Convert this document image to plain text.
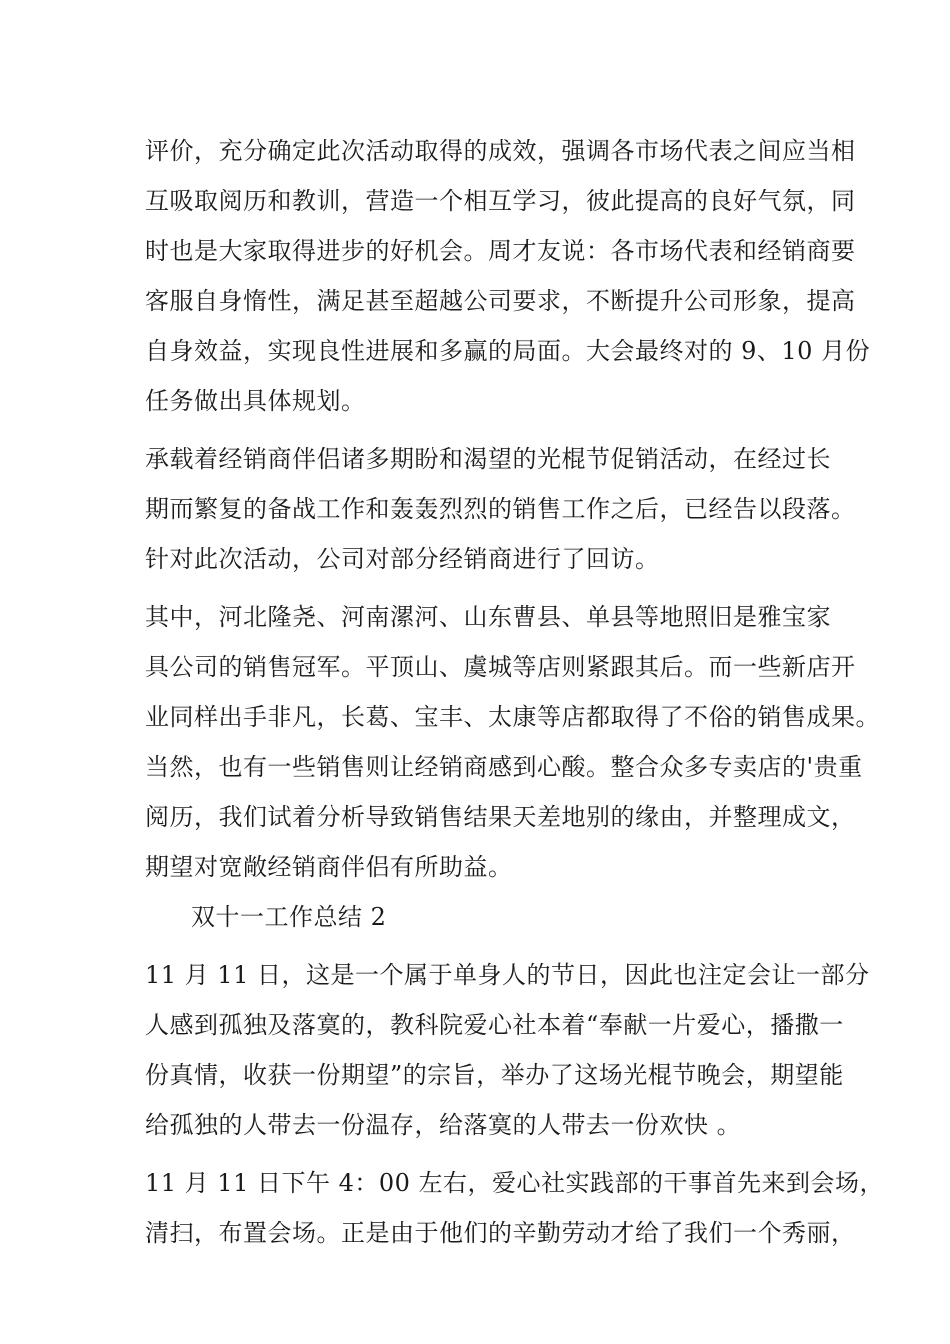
评价，充分确定此次活动取得的成效，强调各市场代表之间应当相
互吸取阅历和教训，营造一个相互学习，彼此提高的良好气氛，同
时也是大家取得进步的好机会。周才友说：各市场代表和经销商要
客服自身惰性，满足甚至超越公司要求，不断提升公司形象，提高
自身效益，实现良性进展和多赢的局面。大会最终对的 9、10 月份
任务做出具体规划。
承载着经销商伴侣诸多期盼和渴望的光棍节促销活动，在经过长
期而繁复的备战工作和轰轰烈烈的销售工作之后，已经告以段落。
针对此次活动，公司对部分经销商进行了回访。
其中，河北隆尧、河南漯河、山东曹县、单县等地照旧是雅宝家
具公司的销售冠军。平顶山、虞城等店则紧跟其后。而一些新店开
业同样出手非凡，长葛、宝丰、太康等店都取得了不俗的销售成果。
当然，也有一些销售则让经销商感到心酸。整合众多专卖店的'贵重
阅历，我们试着分析导致销售结果天差地别的缘由，并整理成文，
期望对宽敞经销商伴侣有所助益。
双十一工作总结 2
11 月 11 日，这是一个属于单身人的节日，因此也注定会让一部分
人感到孤独及落寞的，教科院爱心社本着“奉献一片爱心，播撒一
份真情，收获一份期望”的宗旨，举办了这场光棍节晚会，期望能
给孤独的人带去一份温存，给落寞的人带去一份欢快 。
11 月 11 日下午 4：00 左右，爱心社实践部的干事首先来到会场，
清扫，布置会场。正是由于他们的辛勤劳动才给了我们一个秀丽，
